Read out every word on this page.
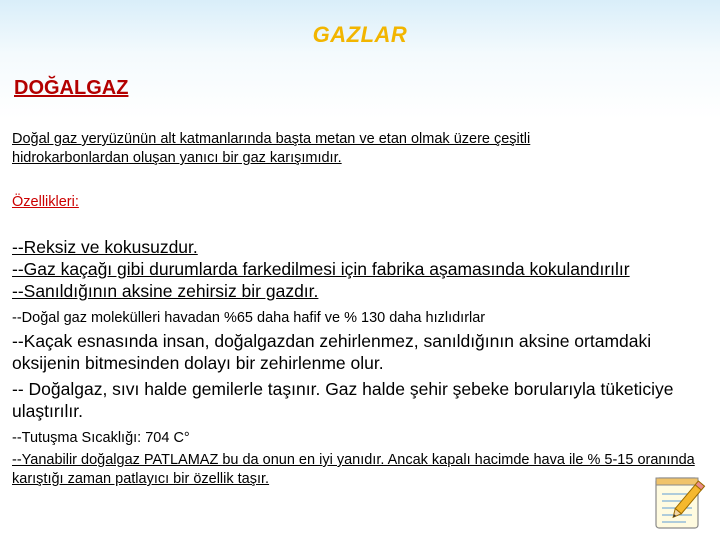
GAZLAR
DOĞALGAZ
Doğal gaz yeryüzünün alt katmanlarında başta metan ve etan olmak üzere çeşitli
hidrokarbonlardan oluşan yanıcı bir gaz karışımıdır.
Özellikleri:
--Reksiz ve kokusuzdur.
--Gaz kaçağı gibi durumlarda farkedilmesi için fabrika aşamasında kokulandırılır
--Sanıldığının aksine zehirsiz bir gazdır.
--Doğal gaz molekülleri havadan %65 daha hafif ve % 130 daha hızlıdırlar
--Kaçak esnasında insan, doğalgazdan zehirlenmez, sanıldığının aksine ortamdaki oksijenin bitmesinden dolayı bir zehirlenme olur.
-- Doğalgaz, sıvı halde gemilerle taşınır. Gaz halde şehir şebeke borularıyla tüketiciye ulaştırılır.
--Tutuşma Sıcaklığı: 704 C°
--Yanabilir doğalgaz PATLAMAZ bu da onun en iyi yanıdır. Ancak kapalı hacimde hava ile % 5-15 oranında karıştığı zaman patlayıcı bir özellik taşır.
